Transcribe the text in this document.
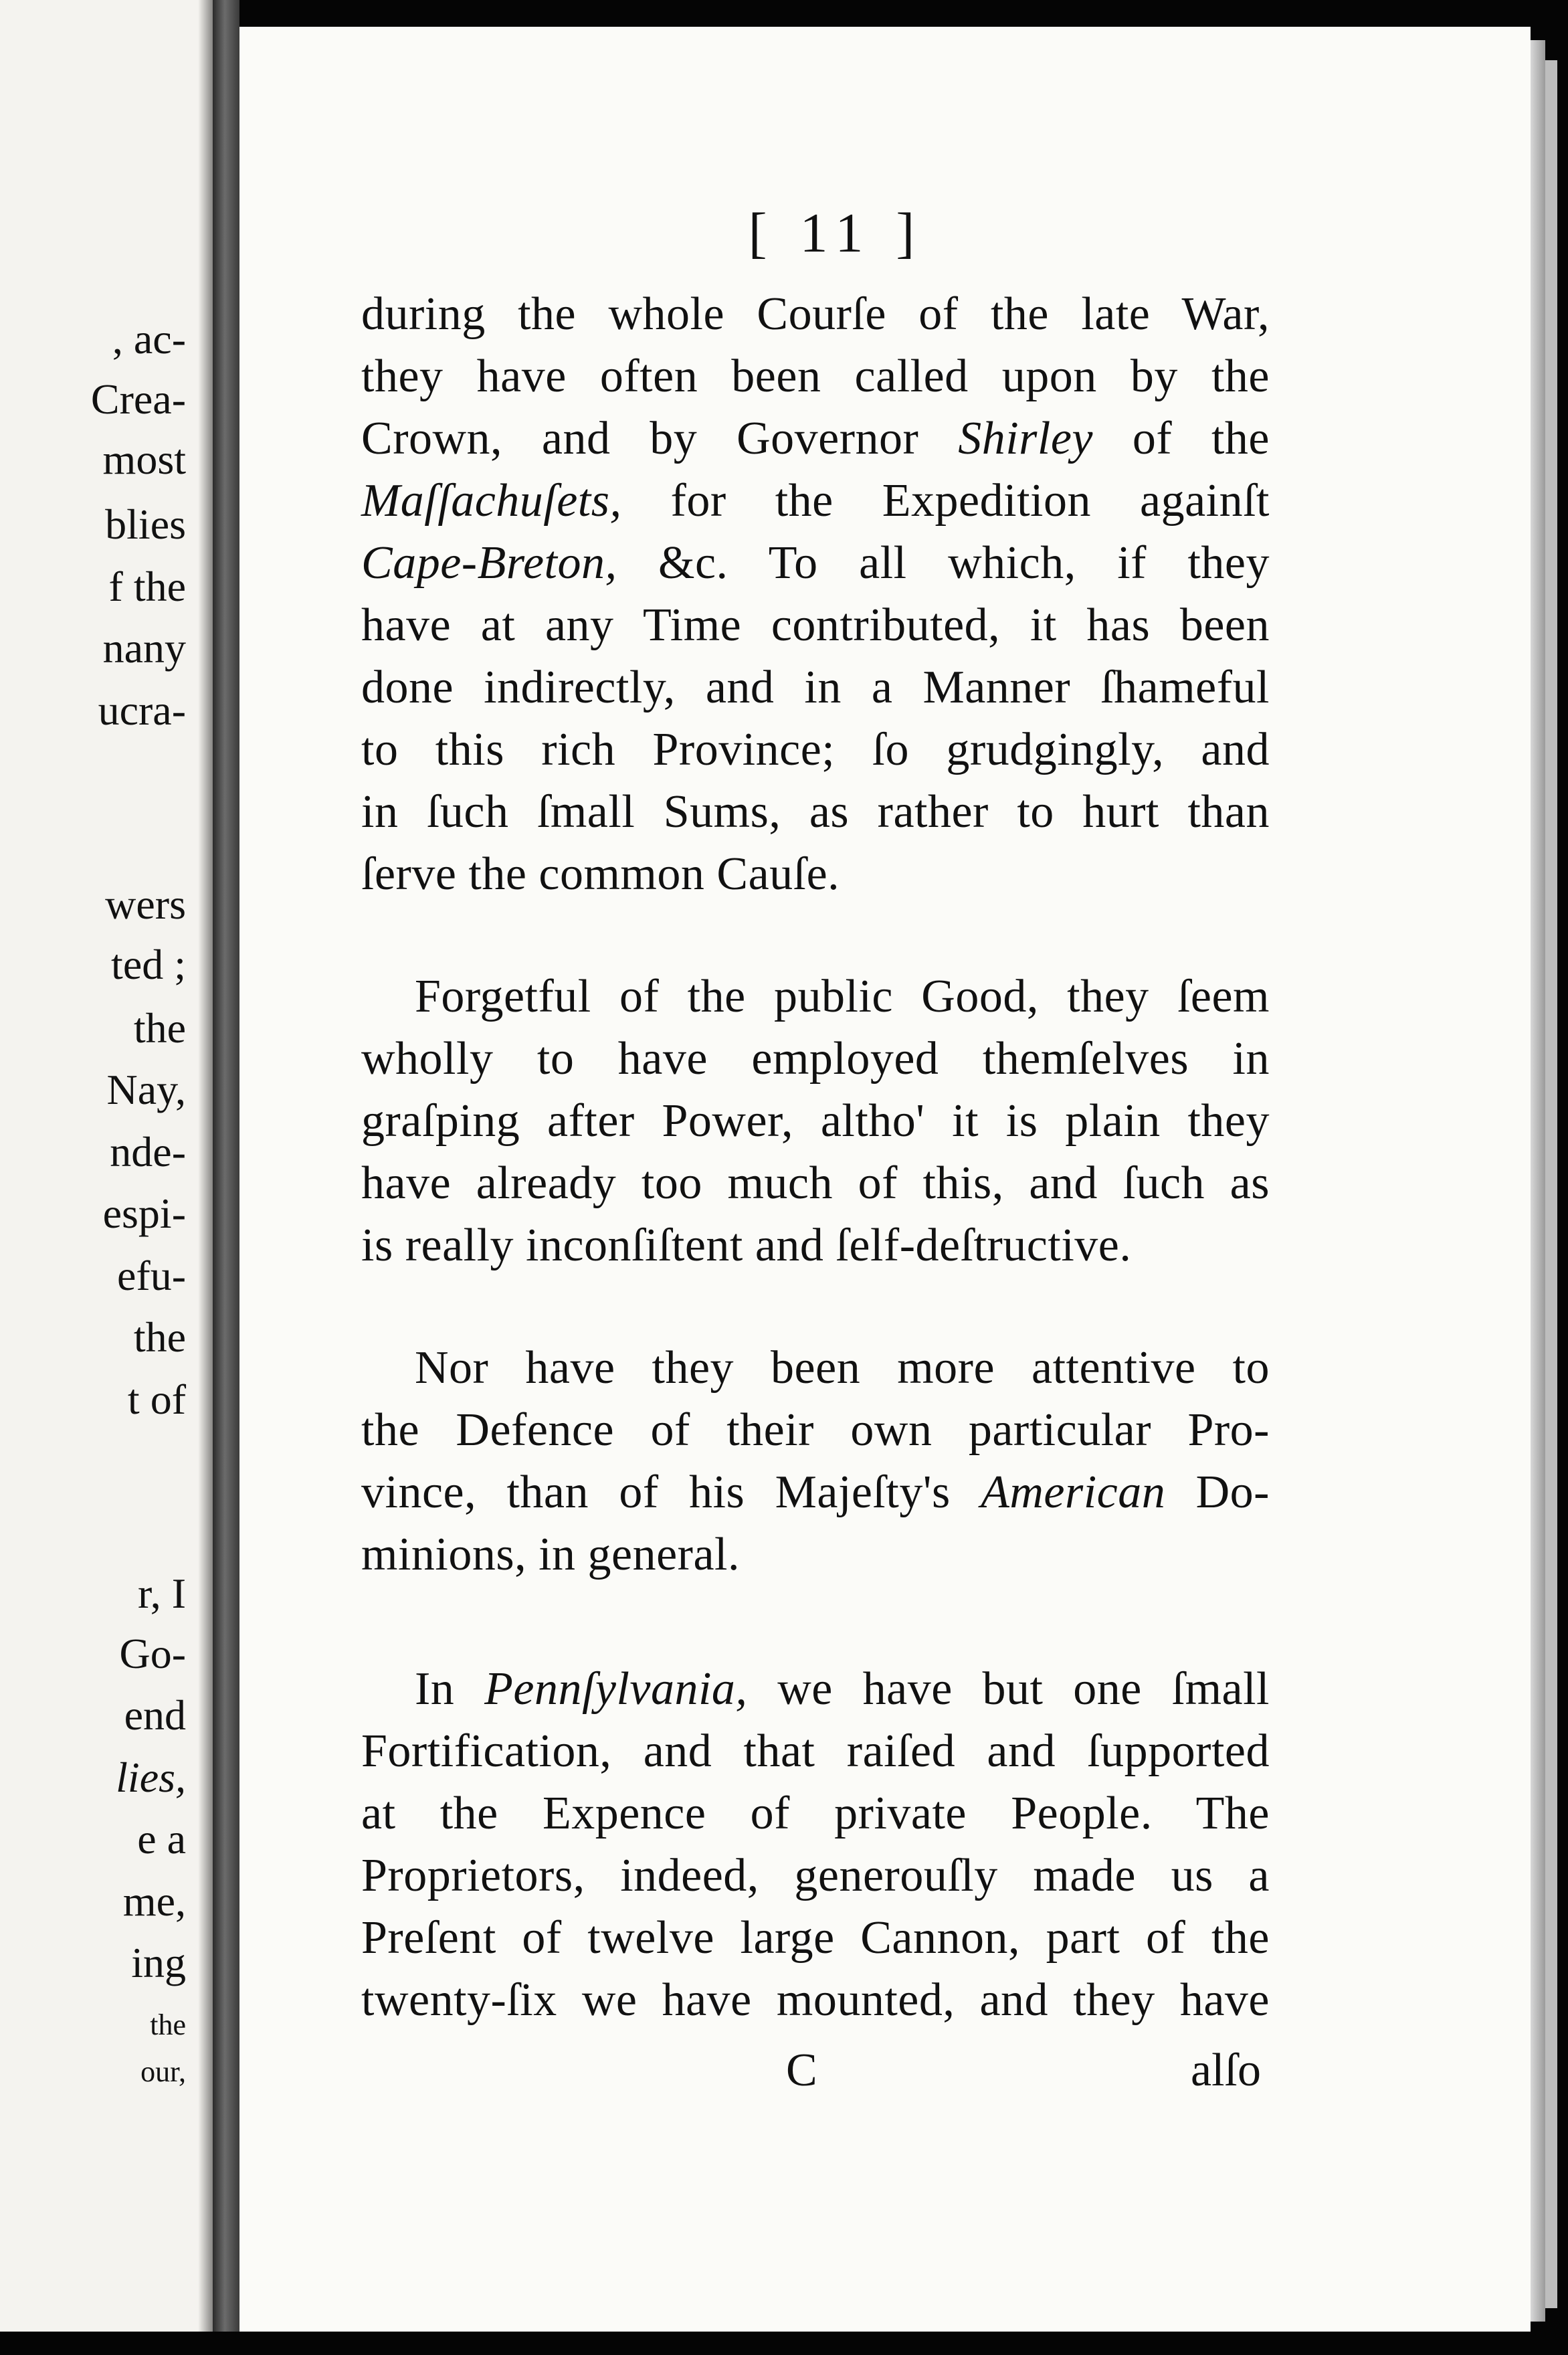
, ac-
Crea-
most
blies
f the
nany
ucra-
wers
ted ;
the
Nay,
nde-
espi-
efu-
the
t of
r, I
Go-
end
lies,
e a
me,
ing
the
our,
[ 11 ]
during the whole Courſe of the late War,
they have often been called upon by the
Crown, and by Governor Shirley of the
Maſſachuſets, for the Expedition againſt
Cape-Breton, &c. To all which, if they
have at any Time contributed, it has been
done indirectly, and in a Manner ſhameful
to this rich Province; ſo grudgingly, and
in ſuch ſmall Sums, as rather to hurt than
ſerve the common Cauſe.
Forgetful of the public Good, they ſeem
wholly to have employed themſelves in
graſping after Power, altho' it is plain they
have already too much of this, and ſuch as
is really inconſiſtent and ſelf-deſtructive.
Nor have they been more attentive to
the Defence of their own particular Pro-
vince, than of his Majeſty's American Do-
minions, in general.
In Pennſylvania, we have but one ſmall
Fortification, and that raiſed and ſupported
at the Expence of private People. The
Proprietors, indeed, generouſly made us a
Preſent of twelve large Cannon, part of the
twenty-ſix we have mounted, and they have
C	alſo
